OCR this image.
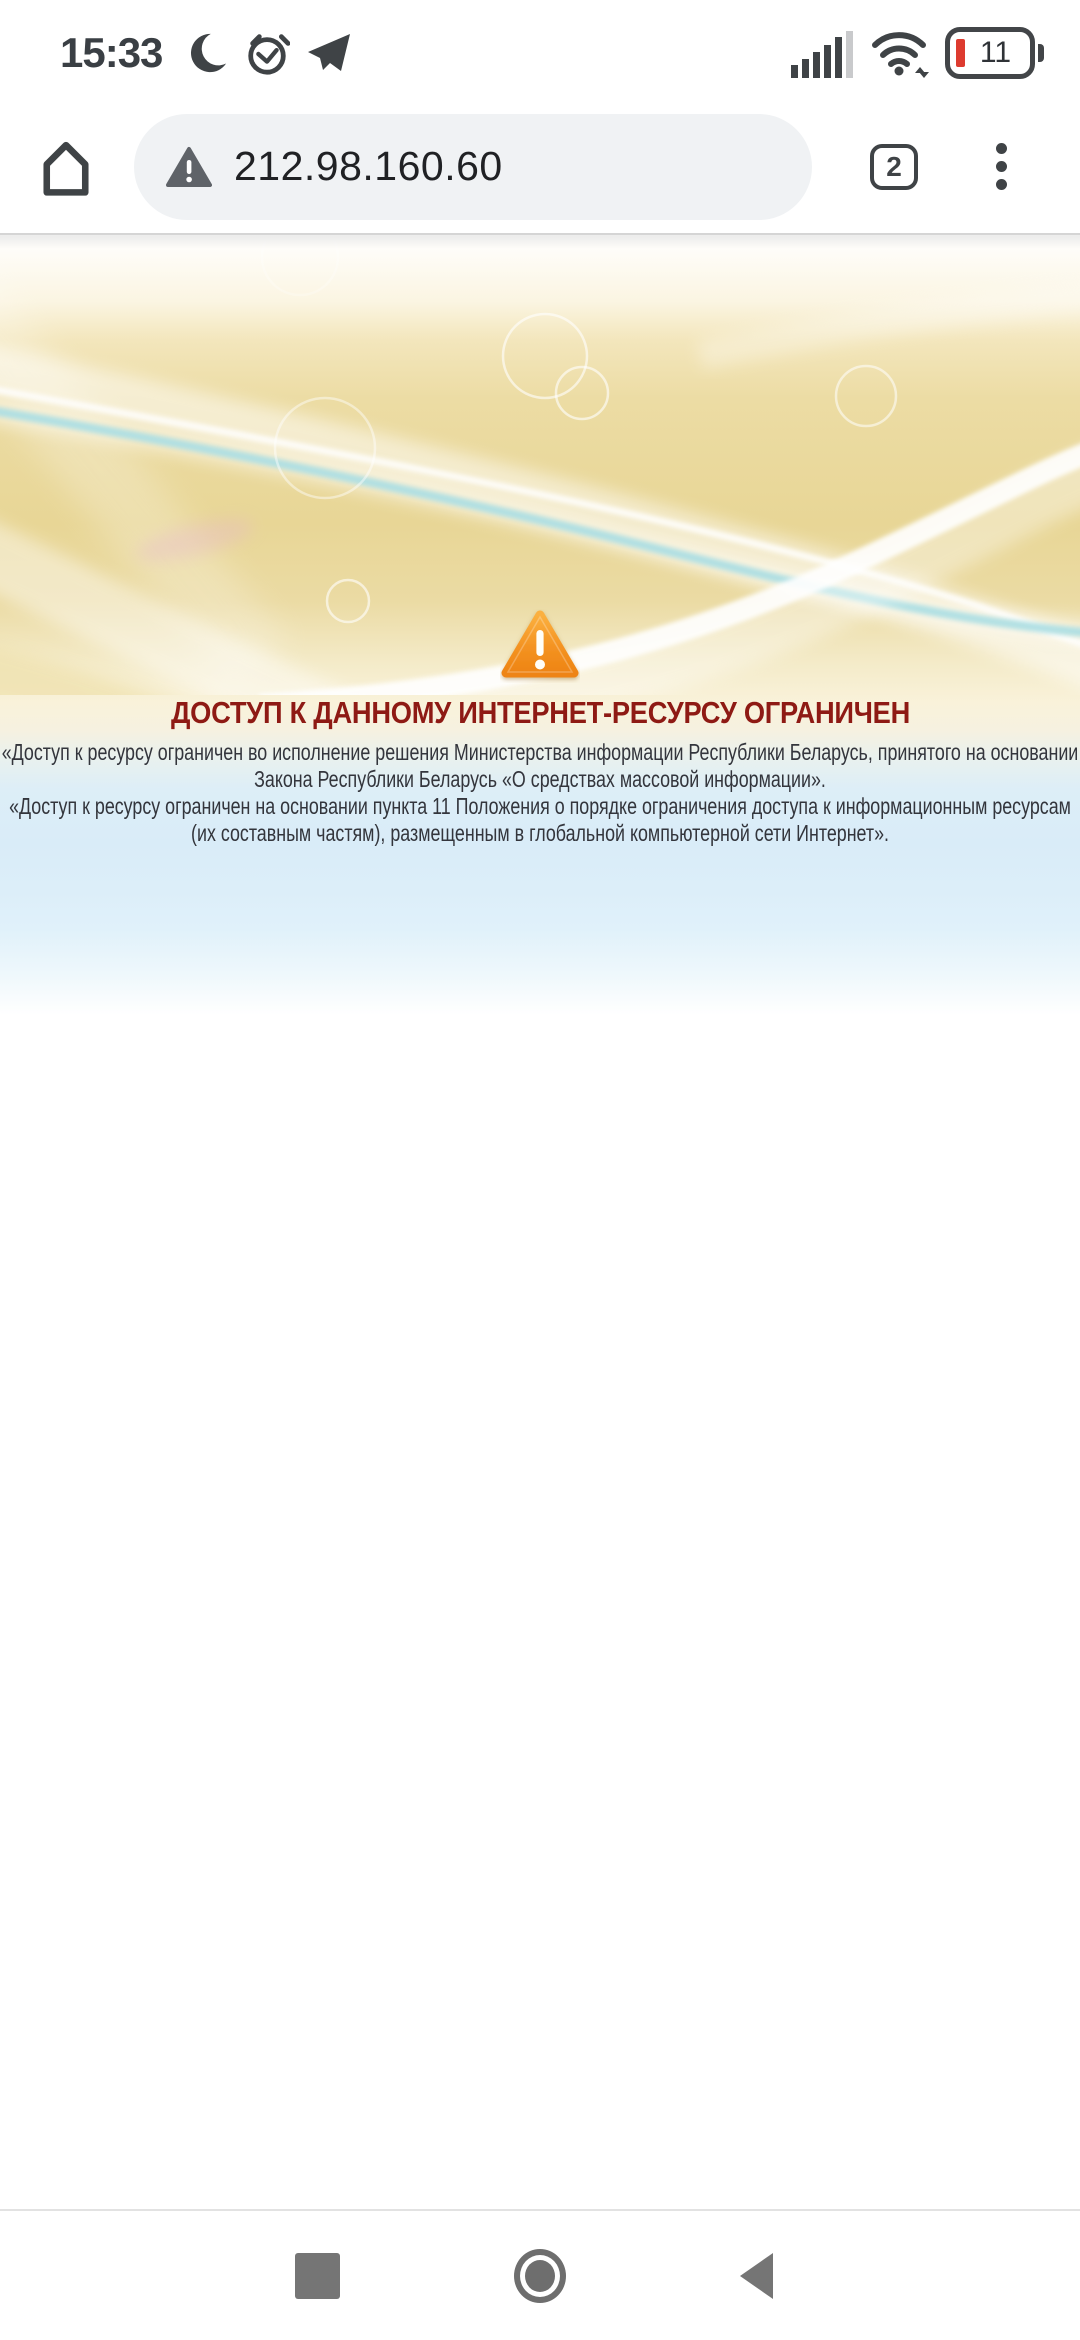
15:33	11
212.98.160.60	2
ДОСТУП К ДАННОМУ ИНТЕРНЕТ-РЕСУРСУ ОГРАНИЧЕН

«Доступ к ресурсу ограничен во исполнение решения Министерства информации Республики Беларусь, принятого на основании Закона Республики Беларусь «О средствах массовой информации».

«Доступ к ресурсу ограничен на основании пункта 11 Положения о порядке ограничения доступа к информационным ресурсам (их составным частям), размещенным в глобальной компьютерной сети Интернет».
